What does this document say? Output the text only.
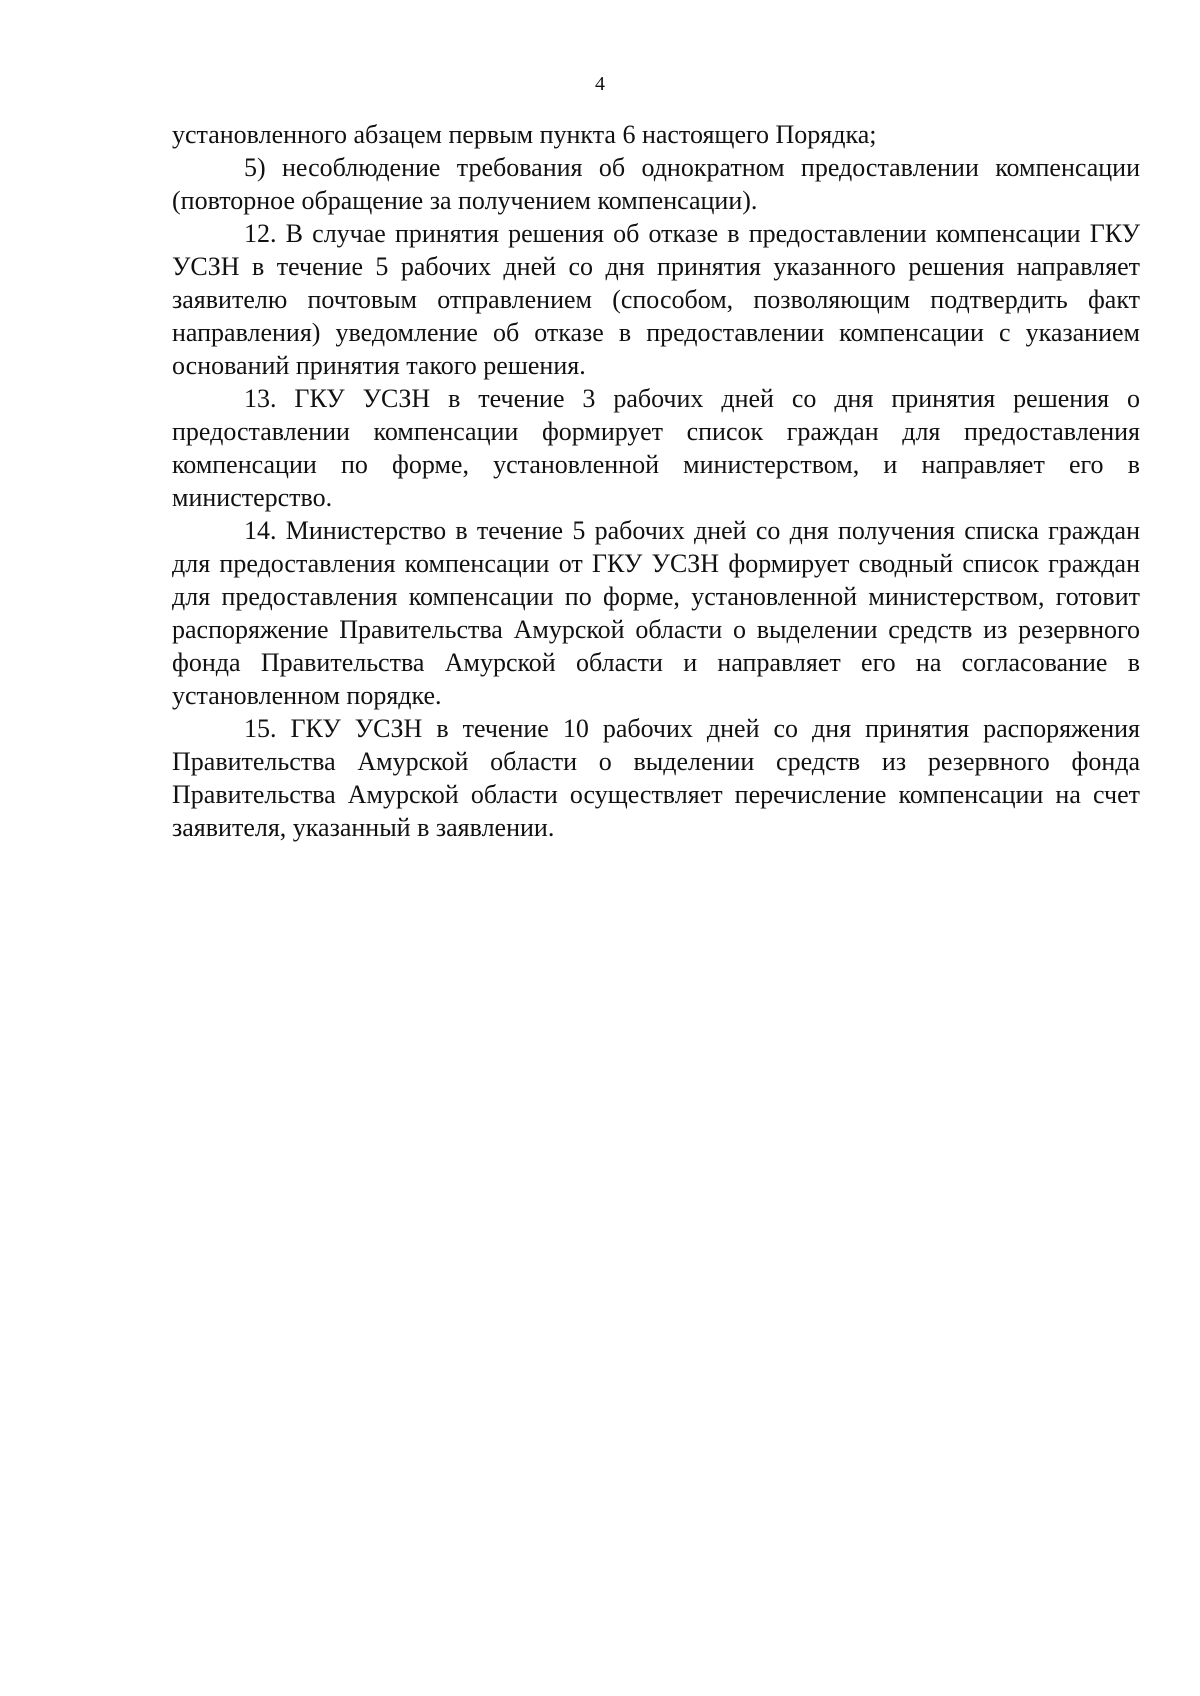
4

установленного абзацем первым пункта 6 настоящего Порядка;

5) несоблюдение требования об однократном предоставлении компенсации (повторное обращение за получением компенсации).

12. В случае принятия решения об отказе в предоставлении компенсации ГКУ УСЗН в течение 5 рабочих дней со дня принятия указанного решения направляет заявителю почтовым отправлением (способом, позволяющим подтвердить факт направления) уведомление об отказе в предоставлении компенсации с указанием оснований принятия такого решения.

13. ГКУ УСЗН в течение 3 рабочих дней со дня принятия решения о предоставлении компенсации формирует список граждан для предоставления компенсации по форме, установленной министерством, и направляет его в министерство.

14. Министерство в течение 5 рабочих дней со дня получения списка граждан для предоставления компенсации от ГКУ УСЗН формирует сводный список граждан для предоставления компенсации по форме, установленной министерством, готовит распоряжение Правительства Амурской области о выделении средств из резервного фонда Правительства Амурской области и направляет его на согласование в установленном порядке.

15. ГКУ УСЗН в течение 10 рабочих дней со дня принятия распоряжения Правительства Амурской области о выделении средств из резервного фонда Правительства Амурской области осуществляет перечисление компенсации на счет заявителя, указанный в заявлении.
